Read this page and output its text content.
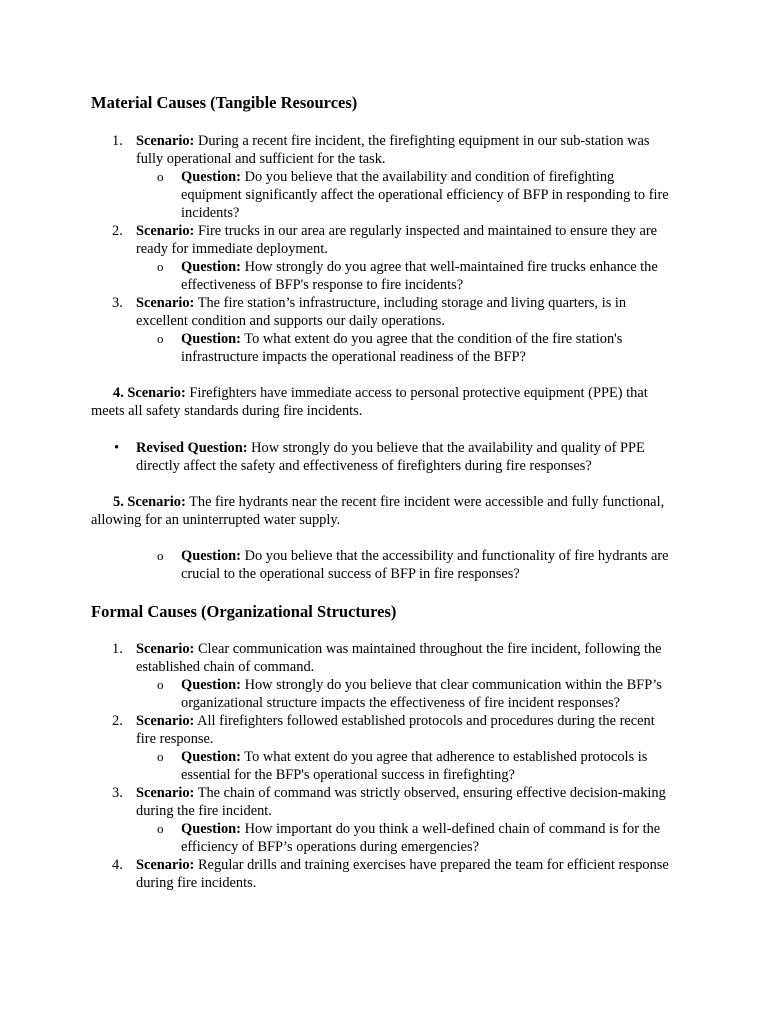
Material Causes (Tangible Resources)
1. Scenario: During a recent fire incident, the firefighting equipment in our sub-station was fully operational and sufficient for the task.
o Question: Do you believe that the availability and condition of firefighting equipment significantly affect the operational efficiency of BFP in responding to fire incidents?
2. Scenario: Fire trucks in our area are regularly inspected and maintained to ensure they are ready for immediate deployment.
o Question: How strongly do you agree that well-maintained fire trucks enhance the effectiveness of BFP's response to fire incidents?
3. Scenario: The fire station’s infrastructure, including storage and living quarters, is in excellent condition and supports our daily operations.
o Question: To what extent do you agree that the condition of the fire station's infrastructure impacts the operational readiness of the BFP?
4. Scenario: Firefighters have immediate access to personal protective equipment (PPE) that meets all safety standards during fire incidents.
• Revised Question: How strongly do you believe that the availability and quality of PPE directly affect the safety and effectiveness of firefighters during fire responses?
5. Scenario: The fire hydrants near the recent fire incident were accessible and fully functional, allowing for an uninterrupted water supply.
o Question: Do you believe that the accessibility and functionality of fire hydrants are crucial to the operational success of BFP in fire responses?
Formal Causes (Organizational Structures)
1. Scenario: Clear communication was maintained throughout the fire incident, following the established chain of command.
o Question: How strongly do you believe that clear communication within the BFP’s organizational structure impacts the effectiveness of fire incident responses?
2. Scenario: All firefighters followed established protocols and procedures during the recent fire response.
o Question: To what extent do you agree that adherence to established protocols is essential for the BFP's operational success in firefighting?
3. Scenario: The chain of command was strictly observed, ensuring effective decision-making during the fire incident.
o Question: How important do you think a well-defined chain of command is for the efficiency of BFP’s operations during emergencies?
4. Scenario: Regular drills and training exercises have prepared the team for efficient response during fire incidents.
